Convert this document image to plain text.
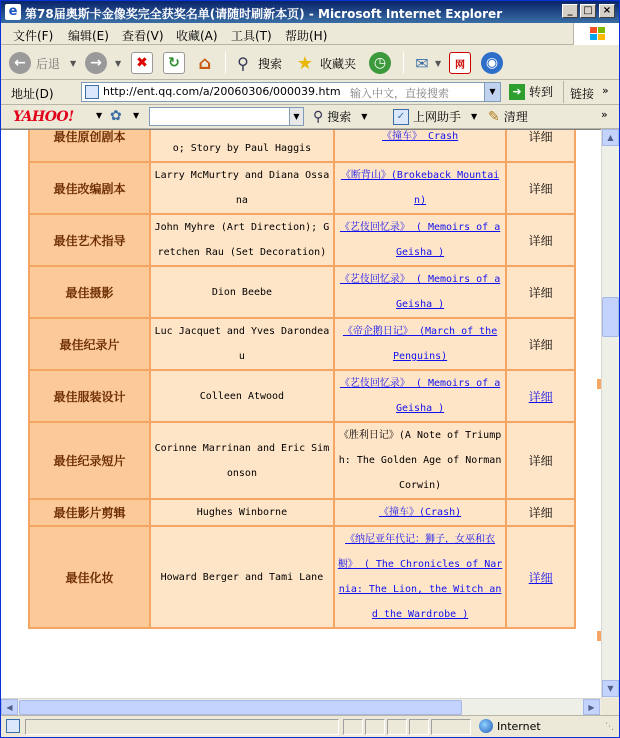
e 第78届奥斯卡金像奖完全获奖名单(请随时刷新本页) - Microsoft Internet Explorer	_	□	×
文件(F) 编辑(E) 查看(V) 收藏(A) 工具(T) 帮助(H)
← 后退 ▼ →	▼	✖	↻ ⌂	⚲ 搜索 ★ 收藏夹	◷	✉ ▼	网	◉
地址(D)	http://ent.qq.com/a/20060306/000039.htm 输入中文，直接搜索	▼	➜ 转到 链接 »
YAHOO!	▼ ✿ ▼	▼ ⚲ 搜索 ▼	✓ 上网助手 ▼ ✎ 清理	»
最佳原创剧本	o; Story by Paul Haggis	《撞车》 Crash	详细
最佳改编剧本	Larry McMurtry and Diana Ossana	《断背山》(Brokeback Mountain)	详细
最佳艺术指导	John Myhre (Art Direction); Gretchen Rau (Set Decoration)	《艺伎回忆录》 ( Memoirs of a Geisha )	详细
最佳摄影	Dion Beebe	《艺伎回忆录》 ( Memoirs of a Geisha )	详细
最佳纪录片	Luc Jacquet and Yves Darondeau	《帝企鹅日记》 (March of the Penguins)	详细
最佳服装设计	Colleen Atwood	《艺伎回忆录》 ( Memoirs of a Geisha )	详细
最佳纪录短片	Corinne Marrinan and Eric Simonson	《胜利日记》(A Note of Triumph: The Golden Age of Norman Corwin)	详细
最佳影片剪辑	Hughes Winborne	《撞车》(Crash)	详细
最佳化妆	Howard Berger and Tami Lane	《纳尼亚年代记：狮子，女巫和衣橱》 ( The Chronicles of Narnia: The Lion, the Witch and the Wardrobe )	详细
▲
▼
◀	▶
Internet	⋱
